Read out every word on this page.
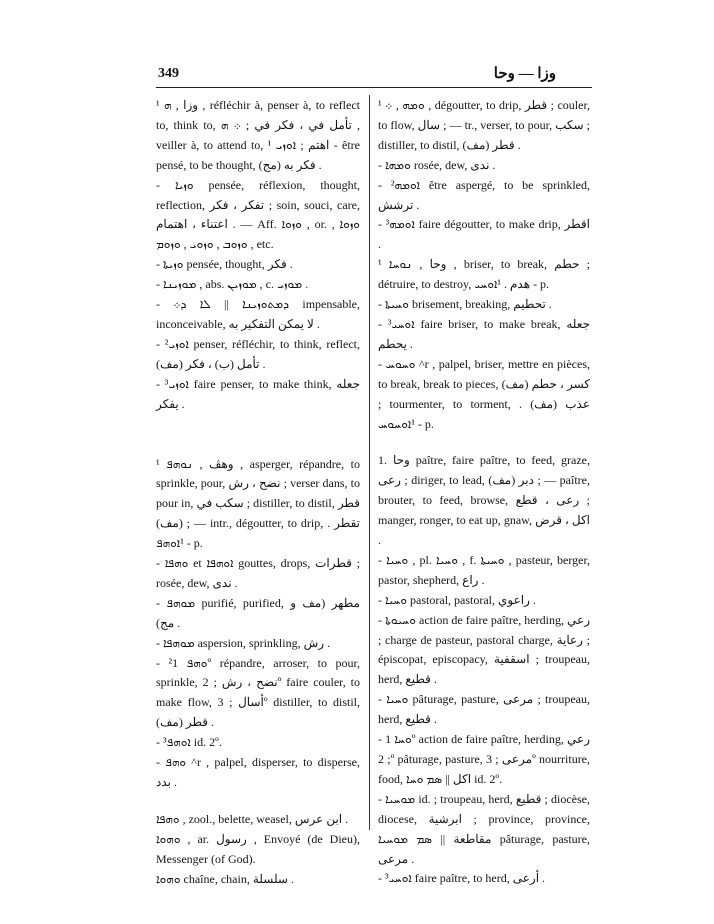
349	وزا — وحا

¹ وزا , ܗ , réfléchir à, penser à, to reflect to, think to, تأمل في ، فكر في ; ܀ ܗ , veiller à, to attend to, اهتم ; ܐܘܙܝ ¹ - être pensé, to be thought, فكر به (مج) .

- ܘܙܝܐ pensée, réflexion, thought, reflection, تفكر ، فكر ; soin, souci, care, اعتناء ، اهتمام . — Aff. ܘܙܘܐ , or. ܘܙܘܐ , ܘܙܘܒ , ܘܙܘܝ , ܘܙܘܡ , etc.

- ܘܙܝܬܐ pensée, thought, فكر .

- ܡܘܙܝܢܐ , abs. ܡܘܙܝܢ , c. ܡܘܙܝ .

- ܕܡܬܘܙܝܢܐ || ܠܐ ܕ܀ impensable, inconceivable, لا يمكن التفكير به .

- ²ܐܘܙܝ penser, réfléchir, to think, reflect, تأمل (ب) ، فكر (مف) .

- ³ܐܘܙܝ faire penser, to make think, جعله يفكر .

¹ وهڤ , ܢܘܗܦ , asperger, répandre, to sprinkle, pour, نضح ، رش ; verser dans, to pour in, سكب في ; distiller, to distil, قطر (مف) ; — intr., dégoutter, to drip, تقطر . ¹ܐܘܗܦ - p.

- ܘܗܦܐ et ܐܘܗܦܐ gouttes, drops, قطرات ; rosée, dew, ندى .

- ܡܘܗܦ purifié, purified, مطهر (مف و مج) .

- ܡܘܗܦܐ aspersion, sprinkling, رش .

- ²ܘܗܦ 1º répandre, arroser, to pour, sprinkle, نضح ، رش ; 2º faire couler, to make flow, أسال ; 3º distiller, to distil, قطر (مف) .

- ³ܐܘܗܦ id. 2º.

- ܘܗܦ ^r , palpel, disperser, to disperse, بدد .

ܘܗܦܐ , zool., belette, weasel, ابن عرس .

ܘܗܘܐ , ar. رسول , Envoyé (de Dieu), Messenger (of God).

ܘܗܘܐ chaîne, chain, سلسلة .

¹ ܘܡܗ , ܀ , dégoutter, to drip, قطر ; couler, to flow, سال ; — tr., verser, to pour, سكب ; distiller, to distil, قطر (مف) .

- ܘܡܗܐ rosée, dew, ندى .

- ²ܐܘܡܗ être aspergé, to be sprinkled, ترشش .

- ³ܐܘܡܗ faire dégoutter, to make drip, اقطر .

¹ وحا , ܢܘܚܐ , briser, to break, حطم ; détruire, to destroy, هدم . ¹ܐܘܚܝ - p.

- ܘܚܝܬܐ brisement, breaking, تحطيم .

- ³ܐܘܚܝ faire briser, to make break, جعله يحطم .

- ܘܚܘܚ ^r , palpel, briser, mettre en pièces, to break, break to pieces, كسر ، حطم (مف) ; tourmenter, to torment, عذب (مف) . ¹ܐܘܚܘܚ - p.

1. وحا paître, faire paître, to feed, graze, رعى ; diriger, to lead, دبر (مف) ; — paître, brouter, to feed, browse, رعى ، قطع ; manger, ronger, to eat up, gnaw, اكل ، قرض .

- ܘܚܝܐ , pl. ܘܚܝܐ , f. ܘܚܝܬܐ , pasteur, berger, pastor, shepherd, راع .

- ܘܚܝܐ pastoral, pastoral, راعوي .

- ܘܚܝܘܬܐ action de faire paître, herding, رعي ; charge de pasteur, pastoral charge, رعاية ; épiscopat, episcopacy, اسقفية ; troupeau, herd, قطيع .

- ܘܚܝܐ pâturage, pasture, مرعى ; troupeau, herd, قطيع .

- ܘܚܐ 1º action de faire paître, herding, رعي ; 2º pâturage, pasture, مرعى ; 3º nourriture, food, اكل || ܣܡ ܘܚܐ id. 2º.

- ܡܘܚܝܐ id. ; troupeau, herd, قطيع ; diocèse, diocese, ابرشية ; province, province, مقاطعة || ܣܡ ܡܘܚܝܐ pâturage, pasture, مرعى .

- ³ܐܘܚܝ faire paître, to herd, أرعى .
